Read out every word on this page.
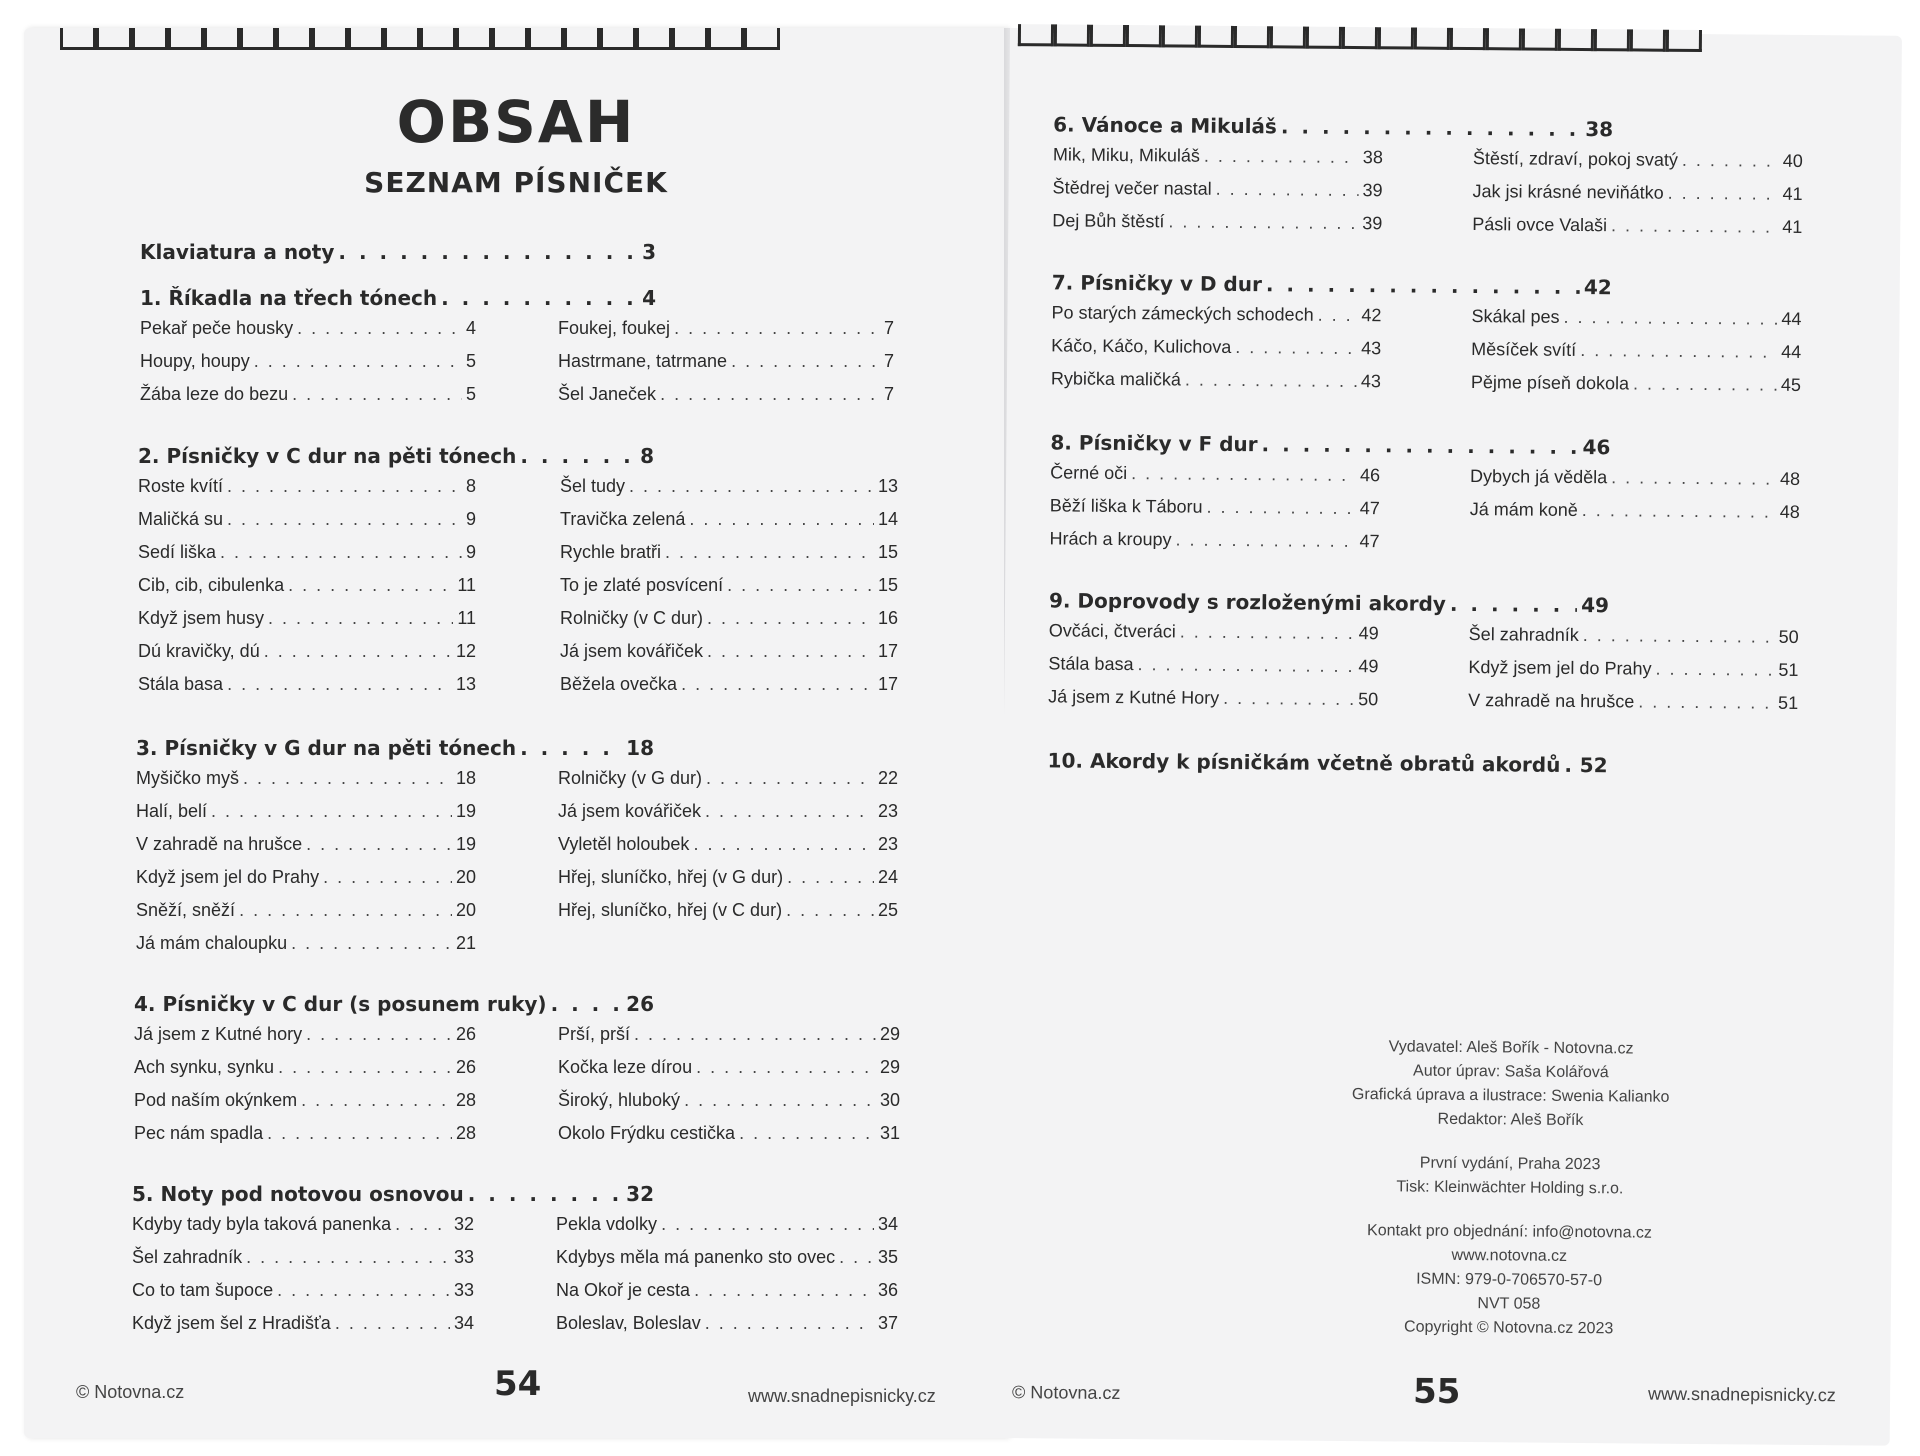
OBSAH
SEZNAM PÍSNIČEK
Klaviatura a noty . . .	3
1. Říkadla na třech tónech . . .	4
Pekař peče housky . . .	4
Houpy, houpy . . .	5
Žába leze do bezu . . .	5
Foukej, foukej . . .	7
Hastrmane, tatrmane . . .	7
Šel Janeček . . .	7
2. Písničky v C dur na pěti tónech . . .	8
Roste kvítí . . .	8
Maličká su . . .	9
Sedí liška . . .	9
Cib, cib, cibulenka . . .	11
Když jsem husy . . .	11
Dú kravičky, dú . . .	12
Stála basa . . .	13
Šel tudy . . .	13
Travička zelená . . .	14
Rychle bratři . . .	15
To je zlaté posvícení . . .	15
Rolničky (v C dur) . . .	16
Já jsem kovářiček . . .	17
Běžela ovečka . . .	17
3. Písničky v G dur na pěti tónech . . .	18
Myšičko myš . . .	18
Halí, belí . . .	19
V zahradě na hrušce . . .	19
Když jsem jel do Prahy . . .	20
Sněží, sněží . . .	20
Já mám chaloupku . . .	21
Rolničky (v G dur) . . .	22
Já jsem kovářiček . . .	23
Vyletěl holoubek . . .	23
Hřej, sluníčko, hřej (v G dur) . . .	24
Hřej, sluníčko, hřej (v C dur) . . .	25
4. Písničky v C dur (s posunem ruky) . . .	26
Já jsem z Kutné hory . . .	26
Ach synku, synku . . .	26
Pod naším okýnkem . . .	28
Pec nám spadla . . .	28
Prší, prší . . .	29
Kočka leze dírou . . .	29
Široký, hluboký . . .	30
Okolo Frýdku cestička . . .	31
5. Noty pod notovou osnovou . . .	32
Kdyby tady byla taková panenka . . .	32
Šel zahradník . . .	33
Co to tam šupoce . . .	33
Když jsem šel z Hradišťa . . .	34
Pekla vdolky . . .	34
Kdybys měla má panenko sto ovec . . . 35
Na Okoř je cesta . . .	36
Boleslav, Boleslav . . .	37
© Notovna.cz	54	www.snadnepisnicky.cz
6. Vánoce a Mikuláš . . .	38
Mik, Miku, Mikuláš . . .	38
Štědrej večer nastal . . .	39
Dej Bůh štěstí . . .	39
Štěstí, zdraví, pokoj svatý . . .	40
Jak jsi krásné neviňátko . . .	41
Pásli ovce Valaši . . .	41
7. Písničky v D dur . . .	42
Po starých zámeckých schodech . . .	42
Káčo, Káčo, Kulichova . . .	43
Rybička maličká . . .	43
Skákal pes . . .	44
Měsíček svítí . . .	44
Pějme píseň dokola . . .	45
8. Písničky v F dur . . .	46
Černé oči . . .	46
Běží liška k Táboru . . .	47
Hrách a kroupy . . .	47
Dybych já věděla . . .	48
Já mám koně . . .	48
9. Doprovody s rozloženými akordy . . .	49
Ovčáci, čtveráci . . .	49
Stála basa . . .	49
Já jsem z Kutné Hory . . .	50
Šel zahradník . . .	50
Když jsem jel do Prahy . . .	51
V zahradě na hrušce . . .	51
10. Akordy k písničkám včetně obratů akordů . . . 52
Vydavatel: Aleš Bořík - Notovna.cz
Autor úprav: Saša Kolářová
Grafická úprava a ilustrace: Swenia Kalianko
Redaktor: Aleš Bořík
První vydání, Praha 2023
Tisk: Kleinwächter Holding s.r.o.
Kontakt pro objednání: info@notovna.cz
www.notovna.cz
ISMN: 979-0-706570-57-0
NVT 058
Copyright © Notovna.cz 2023
© Notovna.cz	55	www.snadnepisnicky.cz
